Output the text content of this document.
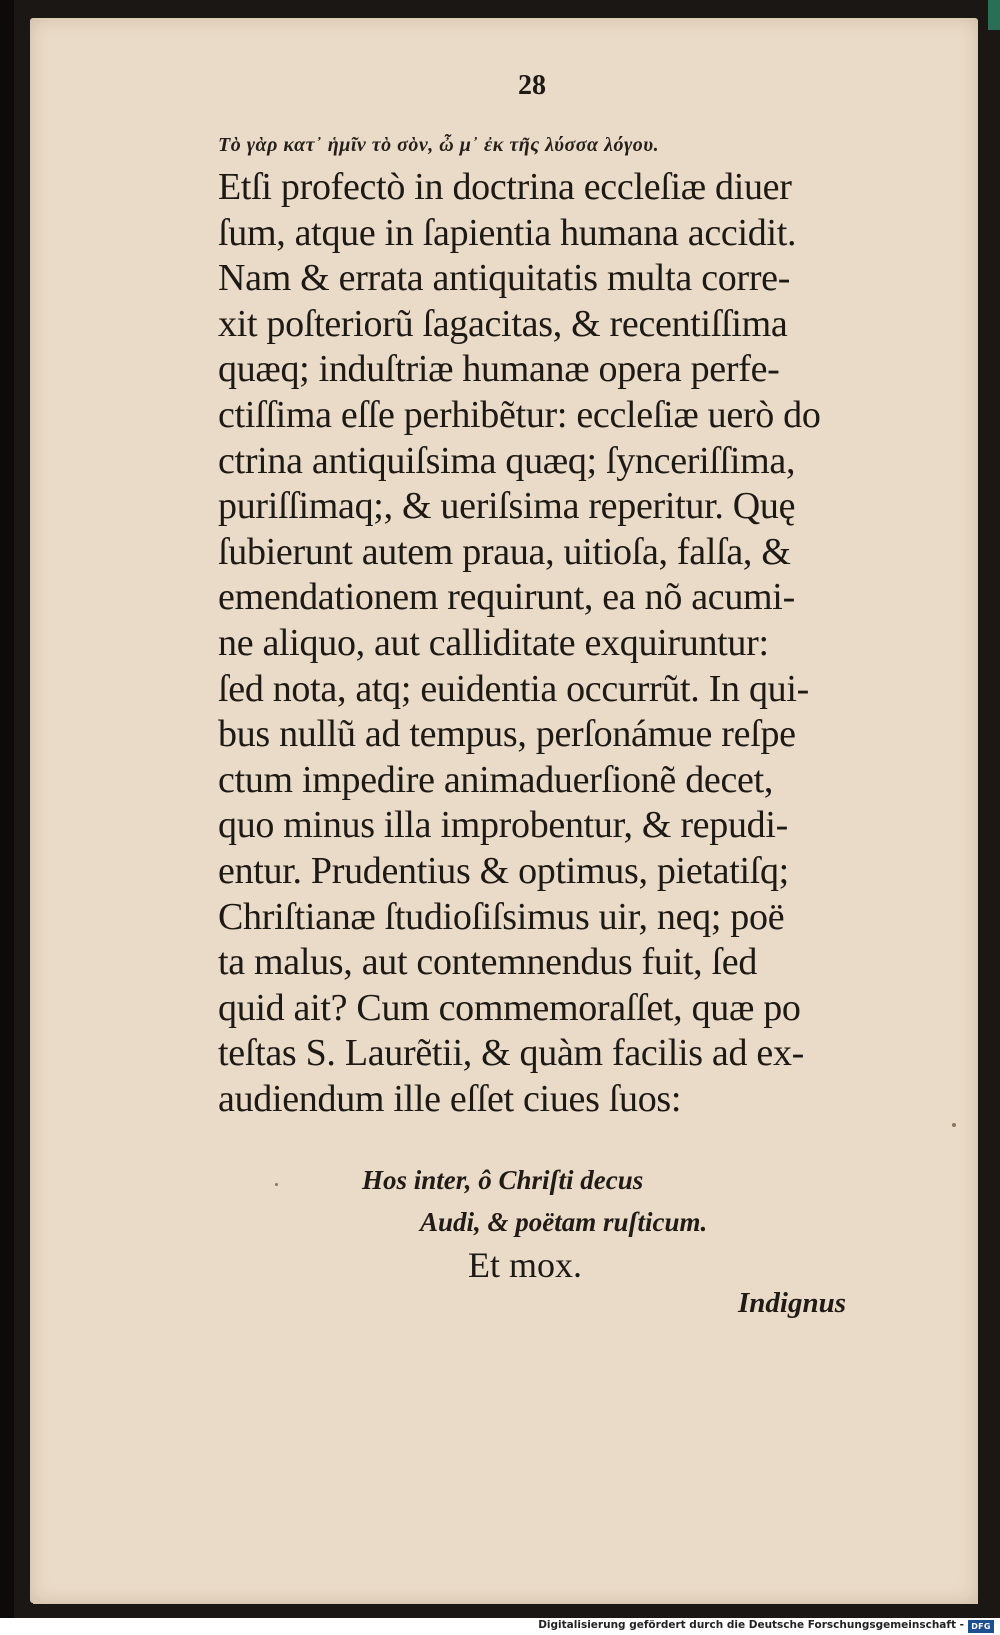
28
Τὸ γὰρ κατ᾽ ἡμῖν τὸ σὸν, ὦ μ᾽ ἐκ τῆς λύσσα λόγου.
Etſi profectò in doctrina eccleſiæ diuer
ſum, atque in ſapientia humana accidit.
Nam & errata antiquitatis multa corre-
xit poſteriorũ ſagacitas, & recentiſſima
quæq; induſtriæ humanæ opera perfe-
ctiſſima eſſe perhibẽtur: eccleſiæ uerò do
ctrina antiquiſsima quæq; ſynceriſſima,
puriſſimaq;, & ueriſsima reperitur. Quę
ſubierunt autem praua, uitioſa, falſa, &
emendationem requirunt, ea nõ acumi-
ne aliquo, aut calliditate exquiruntur:
ſed nota, atq; euidentia occurrũt. In qui-
bus nullũ ad tempus, perſonámue reſpe
ctum impedire animaduerſionẽ decet,
quo minus illa improbentur, & repudi-
entur. Prudentius & optimus, pietatiſq;
Chriſtianæ ſtudioſiſsimus uir, neq; poë
ta malus, aut contemnendus fuit, ſed
quid ait? Cum commemoraſſet, quæ po
teſtas S. Laurẽtii, & quàm facilis ad ex-
audiendum ille eſſet ciues ſuos:
Hos inter, ô Chriſti decus
Audi, & poëtam ruſticum.
Et mox.
Indignus
Digitalisierung gefördert durch die Deutsche Forschungsgemeinschaft - DFG
